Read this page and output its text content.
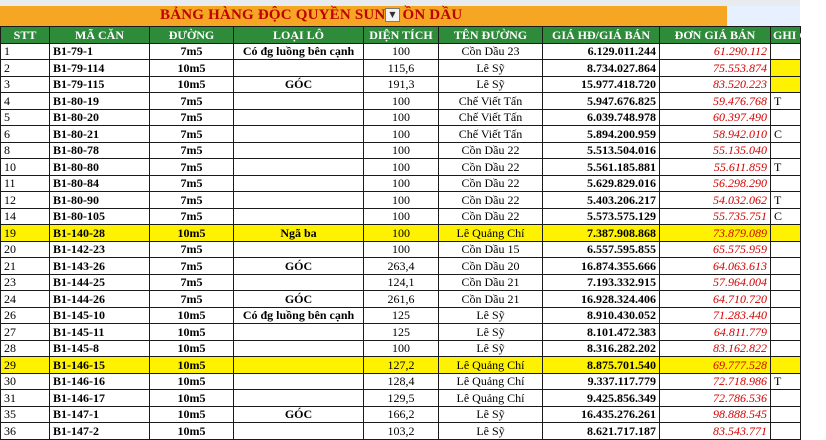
BẢNG HÀNG ĐỘC QUYỀN SUN ỒN DẦU
▼
STT	MÃ CĂN	ĐƯỜNG	LOẠI LÔ	DIỆN TÍCH	TÊN ĐƯỜNG	GIÁ HĐ/GIÁ BÁN	ĐƠN GIÁ BÁN	GHI CHÚ
1	B1-79-1	7m5	Có đg luồng bên cạnh	100	Cồn Dầu 23	6.129.011.244	61.290.112	
2	B1-79-114	10m5		115,6	Lê Sỹ	8.734.027.864	75.553.874	
3	B1-79-115	10m5	GÓC	191,3	Lê Sỹ	15.977.418.720	83.520.223	
4	B1-80-19	7m5		100	Chế Viết Tấn	5.947.676.825	59.476.768	T
5	B1-80-20	7m5		100	Chế Viết Tấn	6.039.748.978	60.397.490	
6	B1-80-21	7m5		100	Chế Viết Tấn	5.894.200.959	58.942.010	C
8	B1-80-78	7m5		100	Cồn Dầu 22	5.513.504.016	55.135.040	
10	B1-80-80	7m5		100	Cồn Dầu 22	5.561.185.881	55.611.859	T
11	B1-80-84	7m5		100	Cồn Dầu 22	5.629.829.016	56.298.290	
12	B1-80-90	7m5		100	Cồn Dầu 22	5.403.206.217	54.032.062	T
14	B1-80-105	7m5		100	Cồn Dầu 22	5.573.575.129	55.735.751	C
19	B1-140-28	10m5	Ngã ba	100	Lê Quảng Chí	7.387.908.868	73.879.089	
20	B1-142-23	7m5		100	Cồn Dầu 15	6.557.595.855	65.575.959	
21	B1-143-26	7m5	GÓC	263,4	Cồn Dầu 20	16.874.355.666	64.063.613	
23	B1-144-25	7m5		124,1	Cồn Dầu 21	7.193.332.915	57.964.004	
24	B1-144-26	7m5	GÓC	261,6	Cồn Dầu 21	16.928.324.406	64.710.720	
26	B1-145-10	10m5	Có đg luồng bên cạnh	125	Lê Sỹ	8.910.430.052	71.283.440	
27	B1-145-11	10m5		125	Lê Sỹ	8.101.472.383	64.811.779	
28	B1-145-8	10m5		100	Lê Sỹ	8.316.282.202	83.162.822	
29	B1-146-15	10m5		127,2	Lê Quảng Chí	8.875.701.540	69.777.528	
30	B1-146-16	10m5		128,4	Lê Quảng Chí	9.337.117.779	72.718.986	T
31	B1-146-17	10m5		129,5	Lê Quảng Chí	9.425.856.349	72.786.536	
35	B1-147-1	10m5	GÓC	166,2	Lê Sỹ	16.435.276.261	98.888.545	
36	B1-147-2	10m5		103,2	Lê Sỹ	8.621.717.187	83.543.771	
